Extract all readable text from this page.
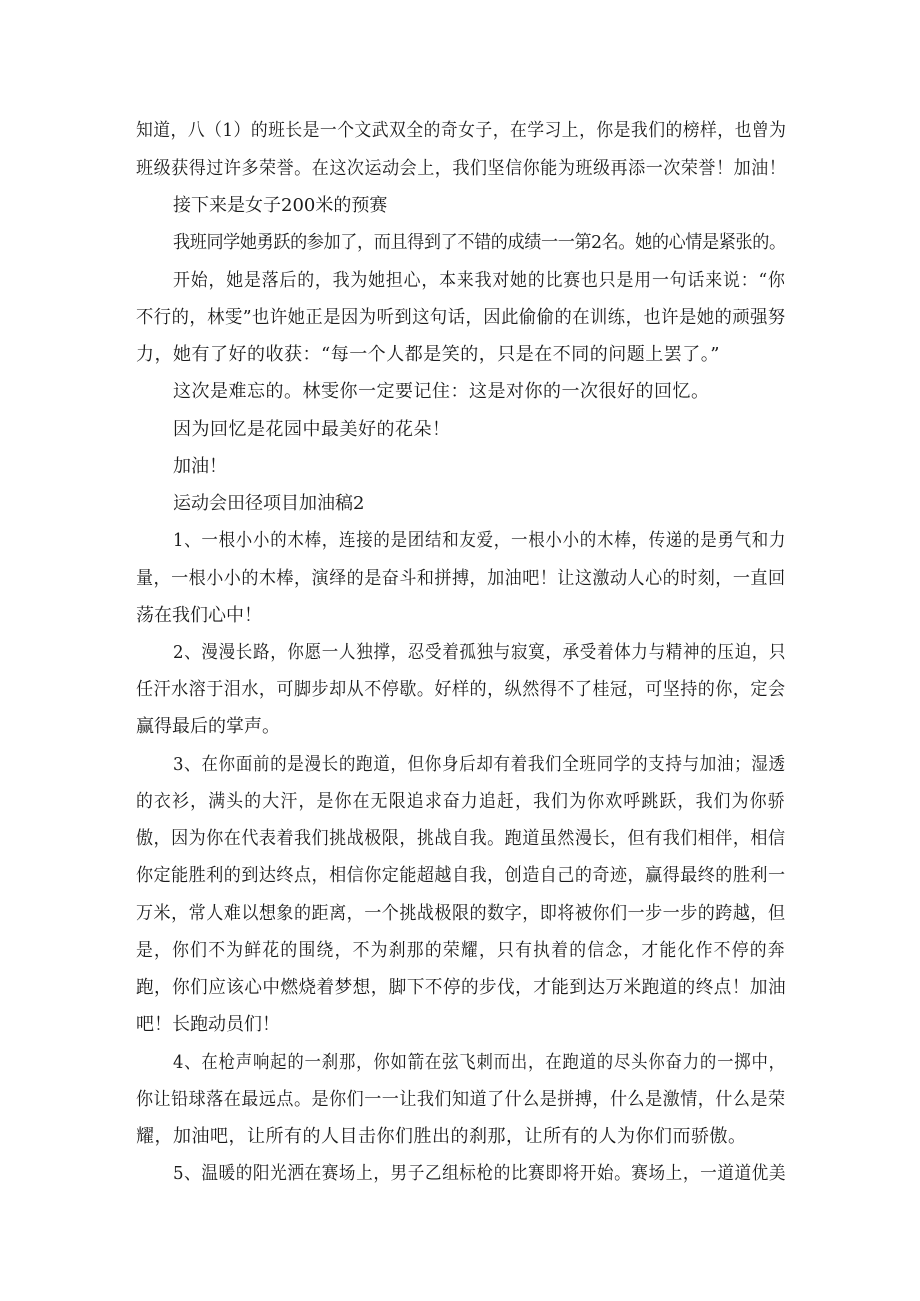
知道，八（1）的班长是一个文武双全的奇女子，在学习上，你是我们的榜样，也曾为
班级获得过许多荣誉。在这次运动会上，我们坚信你能为班级再添一次荣誉！加油！
接下来是女子200米的预赛
我班同学她勇跃的参加了，而且得到了不错的成绩一一第2名。她的心情是紧张的。
开始，她是落后的，我为她担心，本来我对她的比赛也只是用一句话来说：“你
不行的，林雯”也许她正是因为听到这句话，因此偷偷的在训练，也许是她的顽强努
力，她有了好的收获：“每一个人都是笑的，只是在不同的问题上罢了。”
这次是难忘的。林雯你一定要记住：这是对你的一次很好的回忆。
因为回忆是花园中最美好的花朵！
加油！
运动会田径项目加油稿2
1、一根小小的木棒，连接的是团结和友爱，一根小小的木棒，传递的是勇气和力
量，一根小小的木棒，演绎的是奋斗和拼搏，加油吧！让这激动人心的时刻，一直回
荡在我们心中！
2、漫漫长路，你愿一人独撑，忍受着孤独与寂寞，承受着体力与精神的压迫，只
任汗水溶于泪水，可脚步却从不停歇。好样的，纵然得不了桂冠，可坚持的你，定会
赢得最后的掌声。
3、在你面前的是漫长的跑道，但你身后却有着我们全班同学的支持与加油；湿透
的衣衫，满头的大汗，是你在无限追求奋力追赶，我们为你欢呼跳跃，我们为你骄
傲，因为你在代表着我们挑战极限，挑战自我。跑道虽然漫长，但有我们相伴，相信
你定能胜利的到达终点，相信你定能超越自我，创造自己的奇迹，赢得最终的胜利一
万米，常人难以想象的距离，一个挑战极限的数字，即将被你们一步一步的跨越，但
是，你们不为鲜花的围绕，不为刹那的荣耀，只有执着的信念，才能化作不停的奔
跑，你们应该心中燃烧着梦想，脚下不停的步伐，才能到达万米跑道的终点！加油
吧！长跑动员们！
4、在枪声响起的一刹那，你如箭在弦飞刺而出，在跑道的尽头你奋力的一掷中，
你让铅球落在最远点。是你们一一让我们知道了什么是拼搏，什么是激情，什么是荣
耀，加油吧，让所有的人目击你们胜出的刹那，让所有的人为你们而骄傲。
5、温暖的阳光洒在赛场上，男子乙组标枪的比赛即将开始。赛场上，一道道优美
